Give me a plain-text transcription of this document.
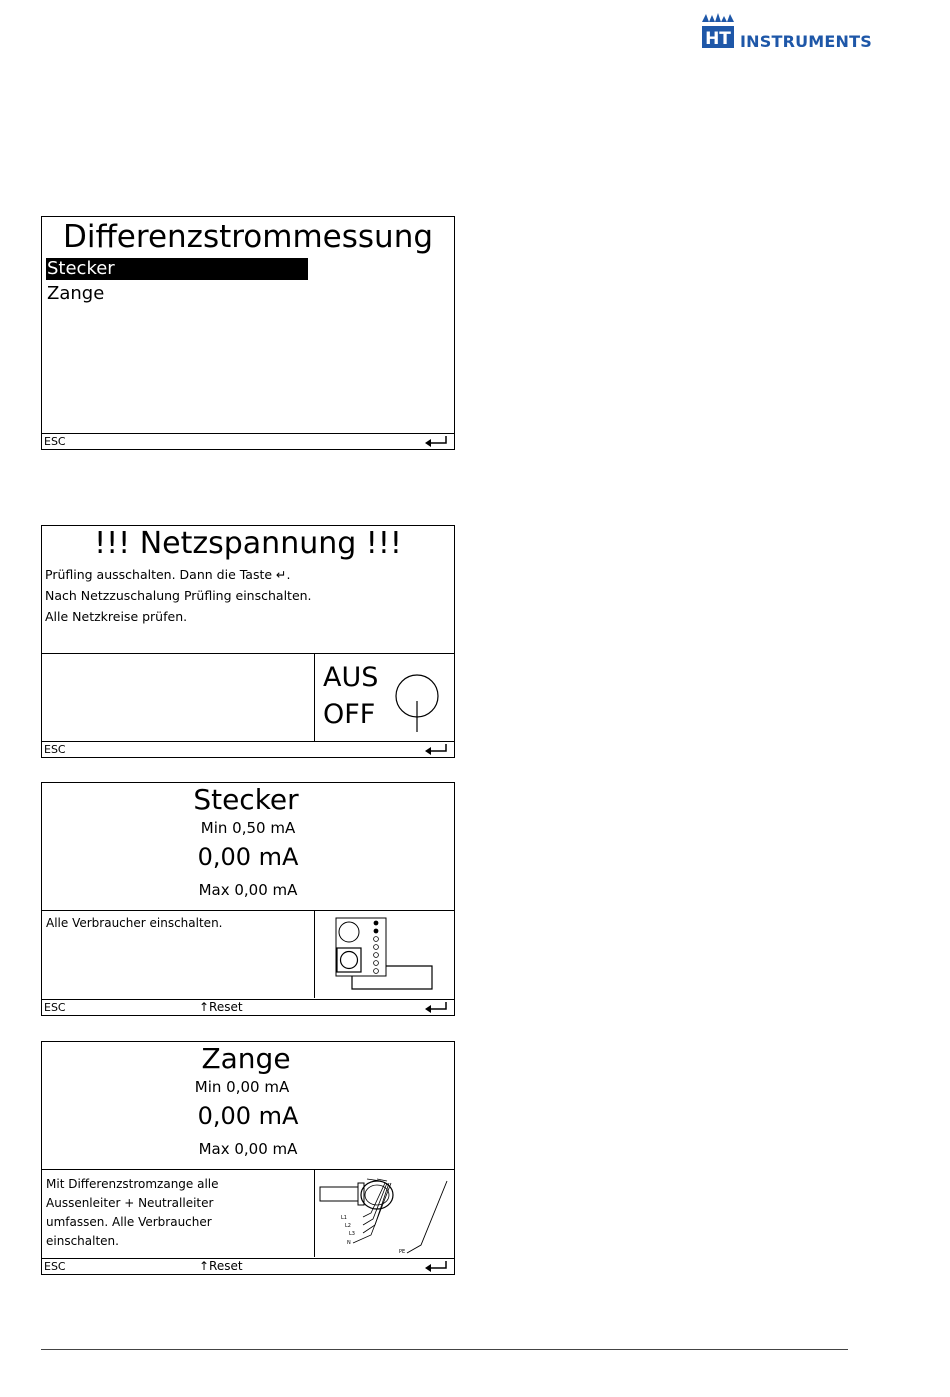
HT INSTRUMENTS
Differenzstrommessung
Stecker
Zange
ESC
!!! Netzspannung !!!
Prüfling ausschalten. Dann die Taste ↵.
Nach Netzzuschalung Prüfling einschalten.
Alle Netzkreise prüfen.
AUS
OFF
ESC
Stecker
Min 0,50 mA
0,00 mA
Max 0,00 mA
Alle Verbraucher einschalten.
ESC	↑Reset
Zange
Min 0,00 mA
0,00 mA
Max 0,00 mA
Mit Differenzstromzange alle
Aussenleiter + Neutralleiter
umfassen. Alle Verbraucher
einschalten.
L1
L2
L3
N
PE
ESC	↑Reset
